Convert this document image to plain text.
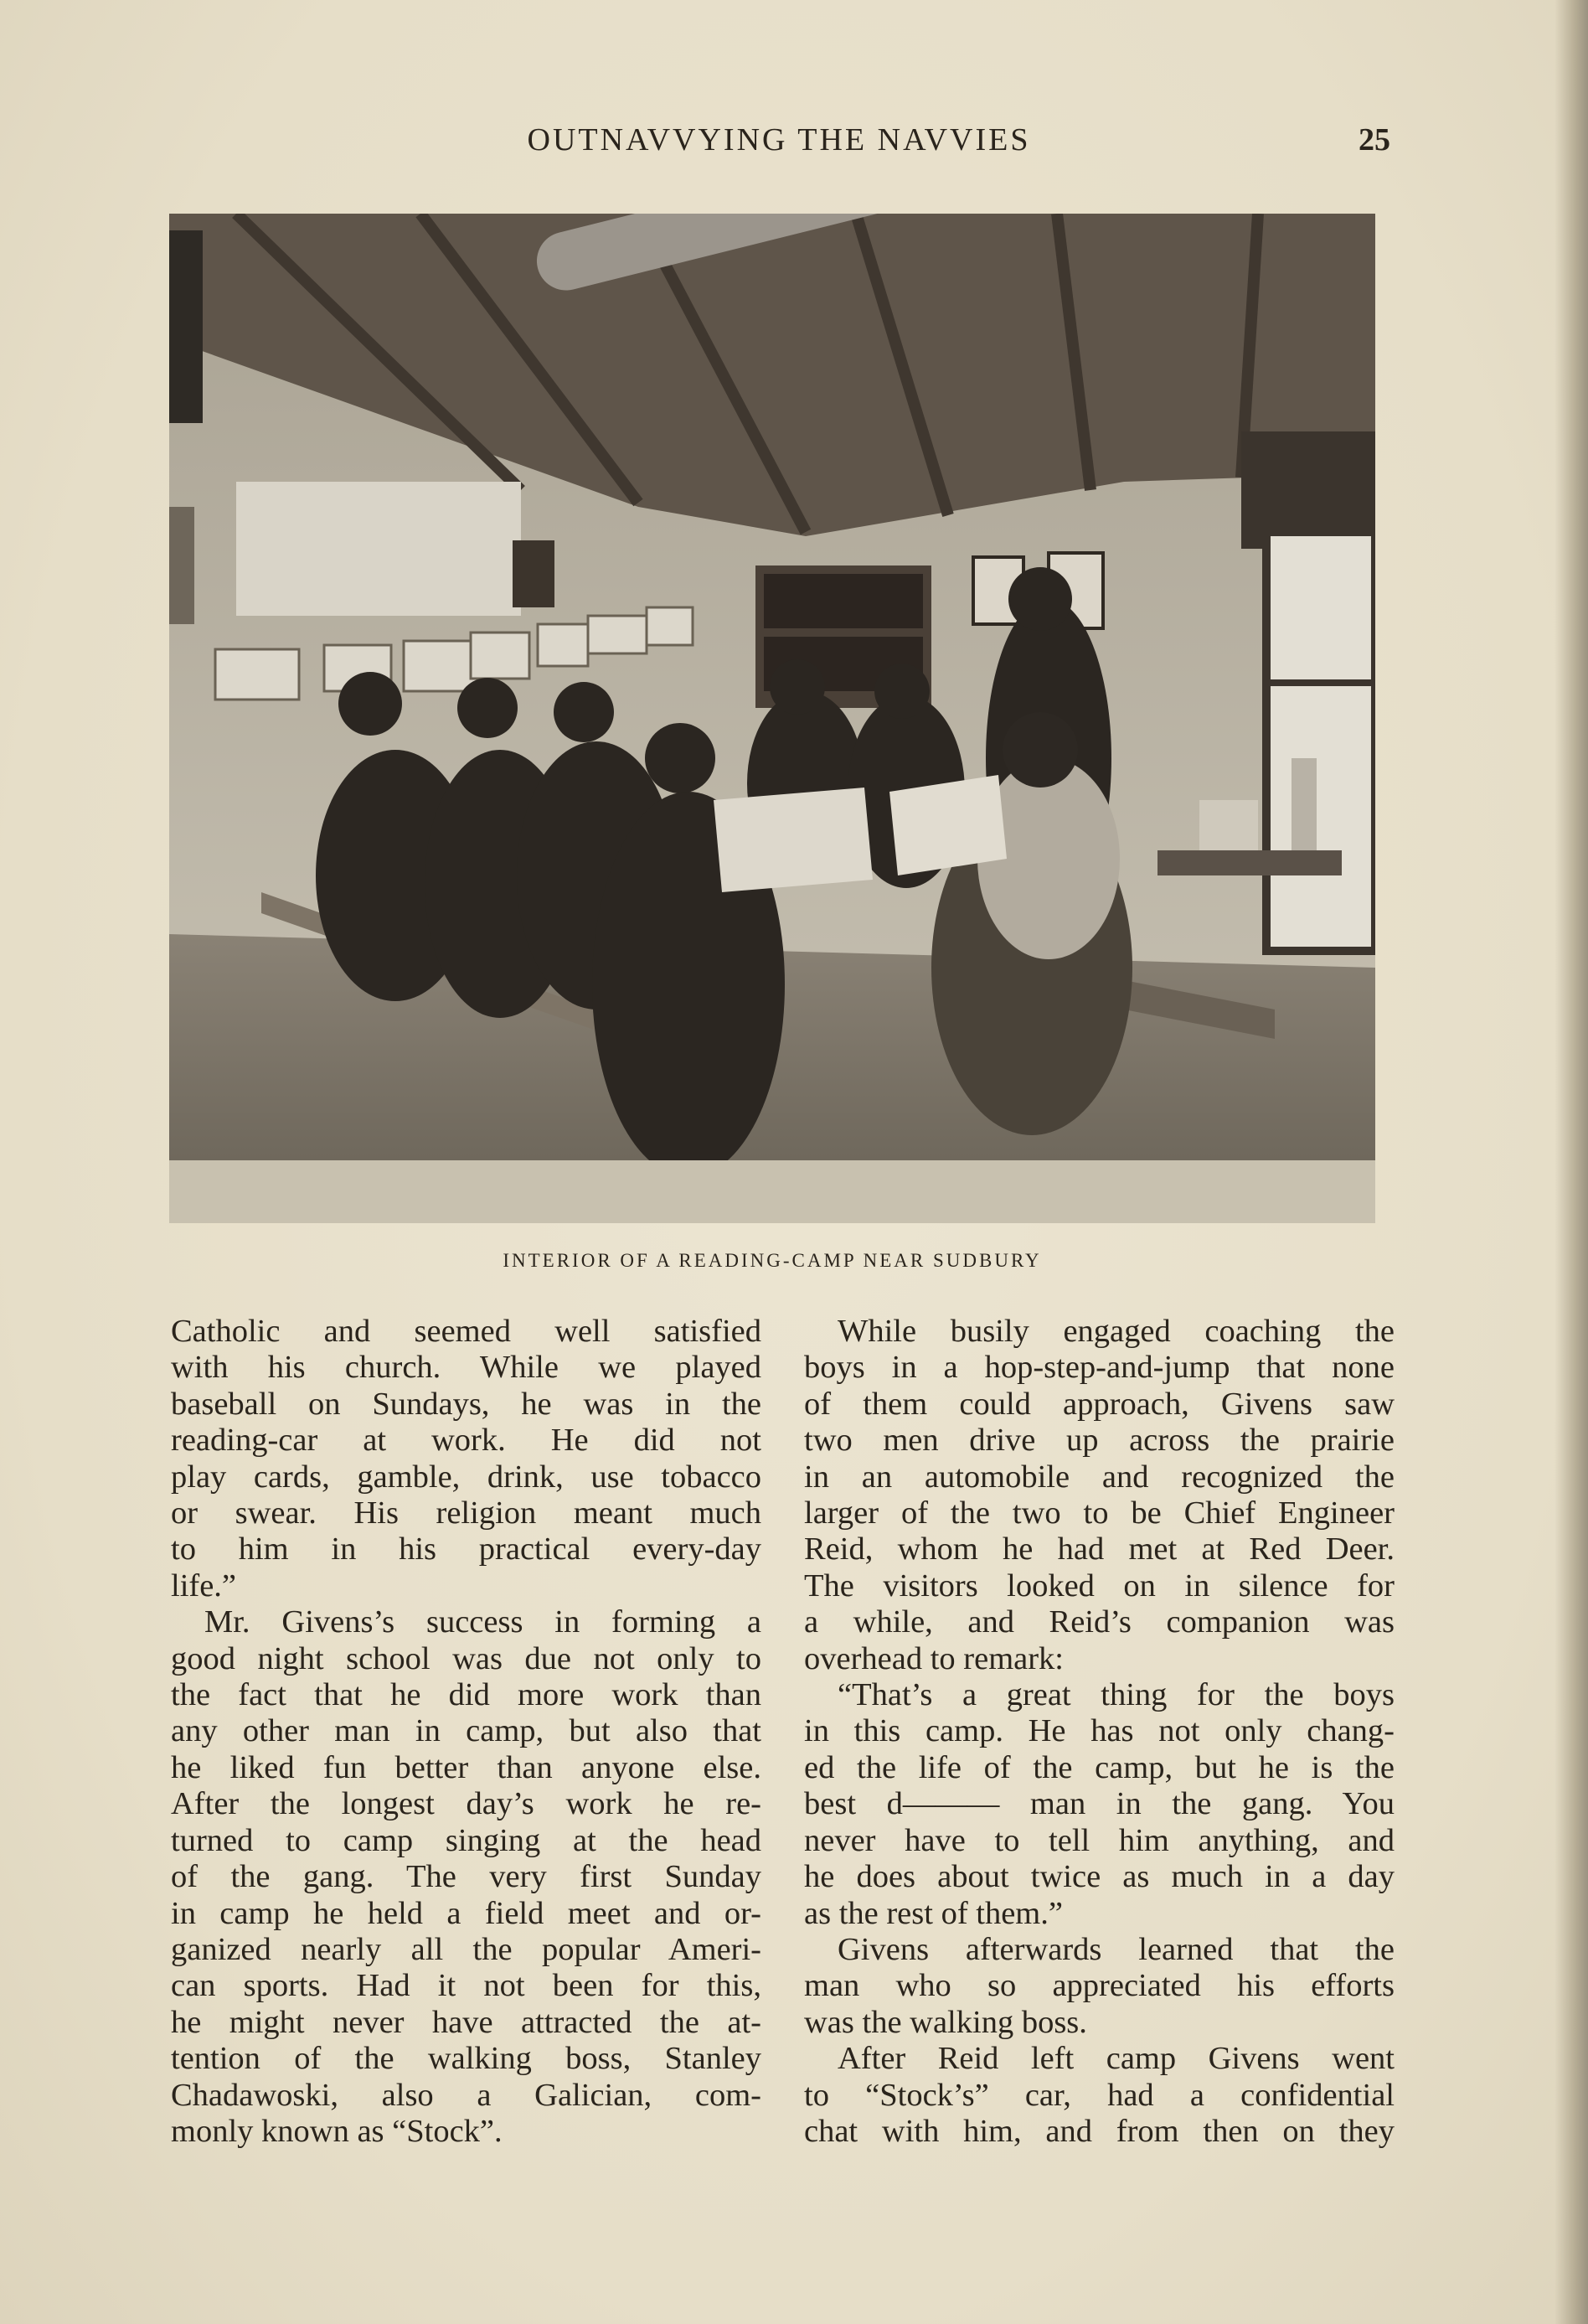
OUTNAVVYING THE NAVVIES	25
INTERIOR OF A READING-CAMP NEAR SUDBURY
Catholic and seemed well satisfied
with his church. While we played
baseball on Sundays, he was in the
reading-car at work. He did not
play cards, gamble, drink, use tobacco
or swear. His religion meant much
to him in his practical every-day
life.”
Mr. Givens’s success in forming a
good night school was due not only to
the fact that he did more work than
any other man in camp, but also that
he liked fun better than anyone else.
After the longest day’s work he re-
turned to camp singing at the head
of the gang. The very first Sunday
in camp he held a field meet and or-
ganized nearly all the popular Ameri-
can sports. Had it not been for this,
he might never have attracted the at-
tention of the walking boss, Stanley
Chadawoski, also a Galician, com-
monly known as “Stock”.
While busily engaged coaching the
boys in a hop-step-and-jump that none
of them could approach, Givens saw
two men drive up across the prairie
in an automobile and recognized the
larger of the two to be Chief Engineer
Reid, whom he had met at Red Deer.
The visitors looked on in silence for
a while, and Reid’s companion was
overhead to remark:
“That’s a great thing for the boys
in this camp. He has not only chang-
ed the life of the camp, but he is the
best d——— man in the gang. You
never have to tell him anything, and
he does about twice as much in a day
as the rest of them.”
Givens afterwards learned that the
man who so appreciated his efforts
was the walking boss.
After Reid left camp Givens went
to “Stock’s” car, had a confidential
chat with him, and from then on they
